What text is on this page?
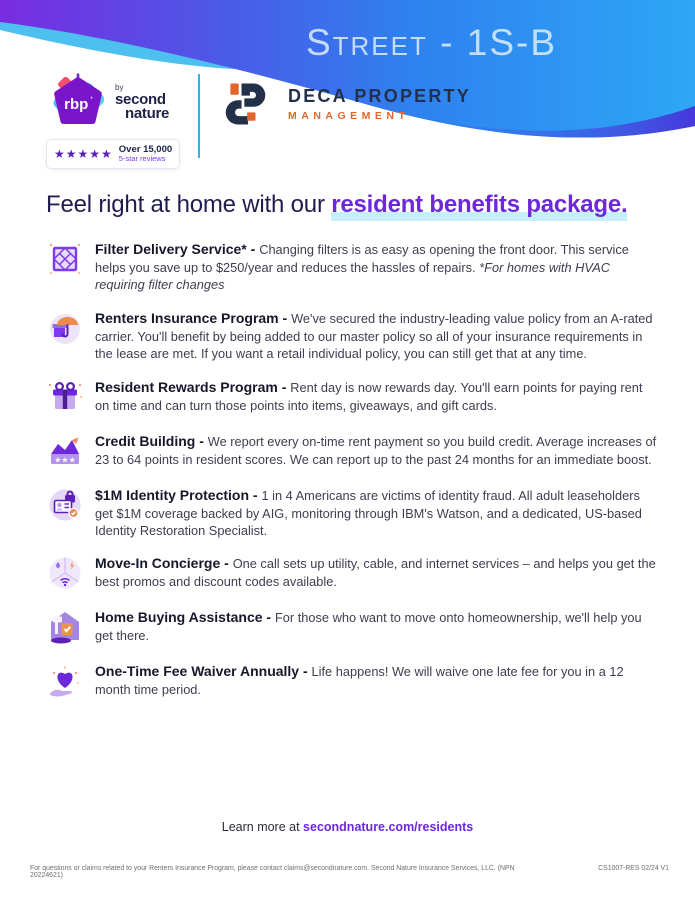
Street - 1S-B
rbp *
by
second
nature
★★★★★ Over 15,000
5-star reviews
DECA PROPERTY
MANAGEMENT
Feel right at home with our resident benefits package.

Filter Delivery Service* - Changing filters is as easy as opening the front door. This service helps you save up to $250/year and reduces the hassles of repairs. *For homes with HVAC requiring filter changes

Renters Insurance Program - We've secured the industry-leading value policy from an A-rated carrier. You'll benefit by being added to our master policy so all of your insurance requirements in the lease are met. If you want a retail individual policy, you can still get that at any time.

Resident Rewards Program - Rent day is now rewards day. You'll earn points for paying rent on time and can turn those points into items, giveaways, and gift cards.

★★★

Credit Building - We report every on-time rent payment so you build credit. Average increases of 23 to 64 points in resident scores. We can report up to the past 24 months for an immediate boost.

$1M Identity Protection - 1 in 4 Americans are victims of identity fraud. All adult leaseholders get $1M coverage backed by AIG, monitoring through IBM's Watson, and a dedicated, US-based Identity Restoration Specialist.

Move-In Concierge - One call sets up utility, cable, and internet services – and helps you get the best promos and discount codes available.

Home Buying Assistance - For those who want to move onto homeownership, we'll help you get there.

One-Time Fee Waiver Annually - Life happens! We will waive one late fee for you in a 12 month time period.

Learn more at secondnature.com/residents
For questions or claims related to your Renters Insurance Program, please contact claims@secondnature.com. Second Nature Insurance Services, LLC. (NPN 20224621)
CS1007-RES 02/24 V1
